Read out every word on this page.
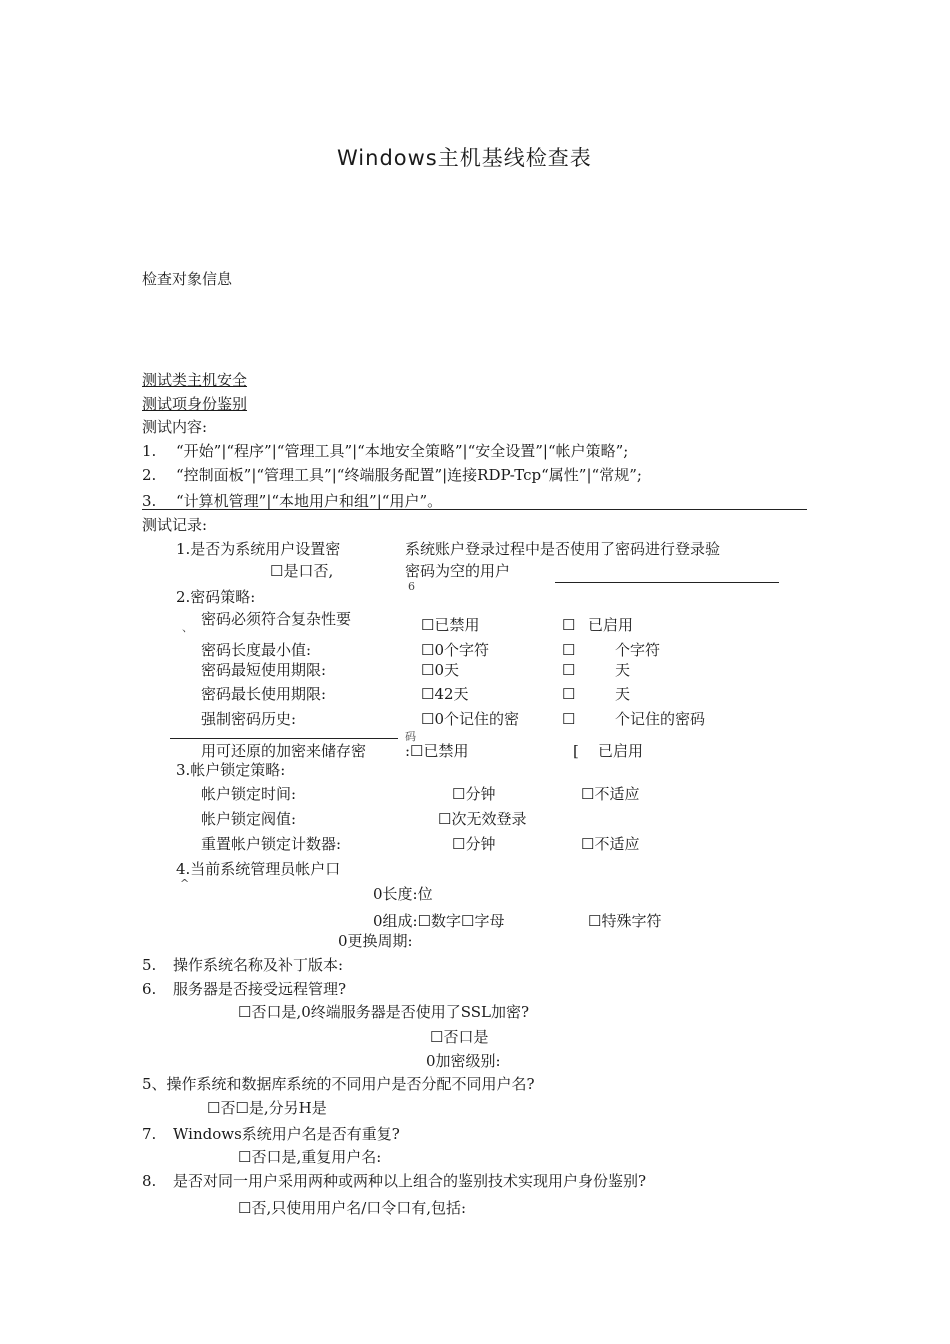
Windows主机基线检查表
检查对象信息
测试类主机安全
测试项身份鉴别
测试内容:
1. “开始”|“程序”|“管理工具”|“本地安全策略”|“安全设置”|“帐户策略”;
2. “控制面板”|“管理工具”|“终端服务配置”|连接RDP-Tcp“属性”|“常规”;
3. “计算机管理”|“本地用户和组”|“用户”。
测试记录:
1.是否为系统用户设置密	系统账户登录过程中是否使用了密码进行登录验
☐是口否,	密码为空的用户
6
2.密码策略:
、 密码必须符合复杂性要	☐已禁用	☐ 已启用
密码长度最小值:	☐0个字符	☐	个字符
密码最短使用期限:	☐0天	☐	天
密码最长使用期限:	☐42天	☐	天
强制密码历史:	☐0个记住的密	☐	个记住的密码
码
用可还原的加密来储存密	:☐已禁用	[ 已启用
3.帐户锁定策略:
帐户锁定时间:	☐分钟	☐不适应
帐户锁定阀值:	☐次无效登录
重置帐户锁定计数器:	☐分钟	☐不适应
4.当前系统管理员帐户口
^
0长度:位
0组成:☐数字☐字母	☐特殊字符
0更换周期:
5. 操作系统名称及补丁版本:
6. 服务器是否接受远程管理?
☐否口是,0终端服务器是否使用了SSL加密?
☐否口是
0加密级别:
5、操作系统和数据库系统的不同用户是否分配不同用户名?
☐否☐是,分另H是
7. Windows系统用户名是否有重复?
☐否口是,重复用户名:
8. 是否对同一用户采用两种或两种以上组合的鉴别技术实现用户身份鉴别?
☐否,只使用用户名/口令口有,包括:
